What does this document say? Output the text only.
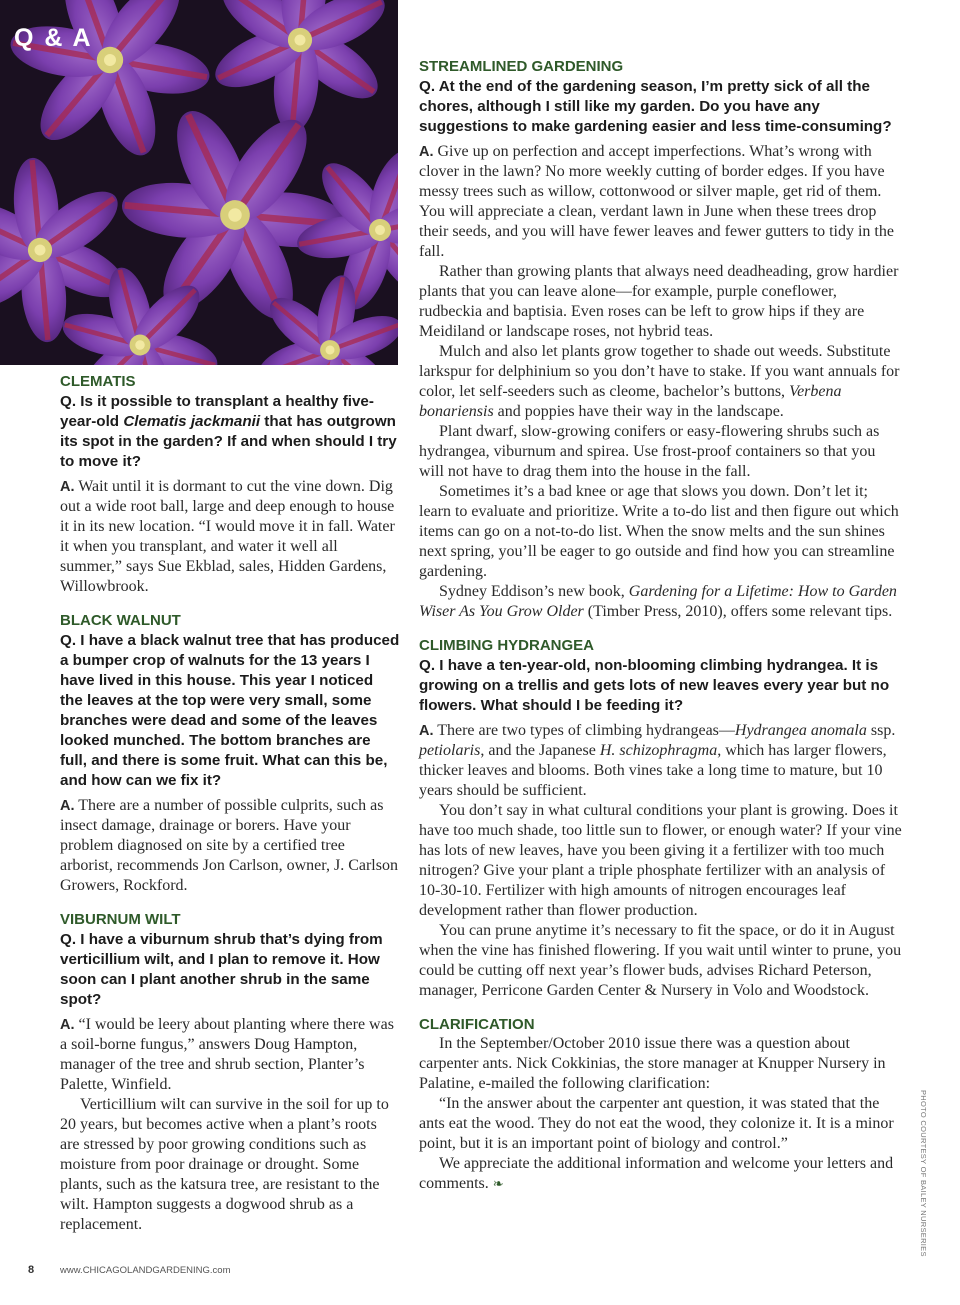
Q & A
CLEMATIS
Q. Is it possible to transplant a healthy five-year-old Clematis jackmanii that has outgrown its spot in the garden? If and when should I try to move it?

A. Wait until it is dormant to cut the vine down. Dig out a wide root ball, large and deep enough to house it in its new location. “I would move it in fall. Water it when you transplant, and water it well all summer,” says Sue Ekblad, sales, Hidden Gardens, Willowbrook.

BLACK WALNUT
Q. I have a black walnut tree that has produced a bumper crop of walnuts for the 13 years I have lived in this house. This year I noticed the leaves at the top were very small, some branches were dead and some of the leaves looked munched. The bottom branches are full, and there is some fruit. What can this be, and how can we fix it?

A. There are a number of possible culprits, such as insect damage, drainage or borers. Have your problem diagnosed on site by a certified tree arborist, recommends Jon Carlson, owner, J. Carlson Growers, Rockford.

VIBURNUM WILT
Q. I have a viburnum shrub that’s dying from verticillium wilt, and I plan to remove it. How soon can I plant another shrub in the same spot?

A. “I would be leery about planting where there was a soil-borne fungus,” answers Doug Hampton, manager of the tree and shrub section, Planter’s Palette, Winfield.

Verticillium wilt can survive in the soil for up to 20 years, but becomes active when a plant’s roots are stressed by poor growing conditions such as moisture from poor drainage or drought. Some plants, such as the katsura tree, are resistant to the wilt. Hampton suggests a dogwood shrub as a replacement.

STREAMLINED GARDENING
Q. At the end of the gardening season, I’m pretty sick of all the chores, although I still like my garden. Do you have any suggestions to make gardening easier and less time-consuming?

A. Give up on perfection and accept imperfections. What’s wrong with clover in the lawn? No more weekly cutting of border edges. If you have messy trees such as willow, cottonwood or silver maple, get rid of them. You will appreciate a clean, verdant lawn in June when these trees drop their seeds, and you will have fewer leaves and fewer gutters to tidy in the fall.

Rather than growing plants that always need deadheading, grow hardier plants that you can leave alone—for example, purple coneflower, rudbeckia and baptisia. Even roses can be left to grow hips if they are Meidiland or landscape roses, not hybrid teas.

Mulch and also let plants grow together to shade out weeds. Substitute larkspur for delphinium so you don’t have to stake. If you want annuals for color, let self-seeders such as cleome, bachelor’s buttons, Verbena bonariensis and poppies have their way in the landscape.

Plant dwarf, slow-growing conifers or easy-flowering shrubs such as hydrangea, viburnum and spirea. Use frost-proof containers so that you will not have to drag them into the house in the fall.

Sometimes it’s a bad knee or age that slows you down. Don’t let it; learn to evaluate and prioritize. Write a to-do list and then figure out which items can go on a not-to-do list. When the snow melts and the sun shines next spring, you’ll be eager to go outside and find how you can streamline gardening.

Sydney Eddison’s new book, Gardening for a Lifetime: How to Garden Wiser As You Grow Older (Timber Press, 2010), offers some relevant tips.

CLIMBING HYDRANGEA
Q. I have a ten-year-old, non-blooming climbing hydrangea. It is growing on a trellis and gets lots of new leaves every year but no flowers. What should I be feeding it?

A. There are two types of climbing hydrangeas—Hydrangea anomala ssp. petiolaris, and the Japanese H. schizophragma, which has larger flowers, thicker leaves and blooms. Both vines take a long time to mature, but 10 years should be sufficient.

You don’t say in what cultural conditions your plant is growing. Does it have too much shade, too little sun to flower, or enough water? If your vine has lots of new leaves, have you been giving it a fertilizer with too much nitrogen? Give your plant a triple phosphate fertilizer with an analysis of 10-30-10. Fertilizer with high amounts of nitrogen encourages leaf development rather than flower production.

You can prune anytime it’s necessary to fit the space, or do it in August when the vine has finished flowering. If you wait until winter to prune, you could be cutting off next year’s flower buds, advises Richard Peterson, manager, Perricone Garden Center & Nursery in Volo and Woodstock.

CLARIFICATION

In the September/October 2010 issue there was a question about carpenter ants. Nick Cokkinias, the store manager at Knupper Nursery in Palatine, e-mailed the following clarification:

“In the answer about the carpenter ant question, it was stated that the ants eat the wood. They do not eat the wood, they colonize it. It is a minor point, but it is an important point of biology and control.”

We appreciate the additional information and welcome your letters and comments. ❧	PHOTO COURTESY OF BAILEY NURSERIES
8	www.CHICAGOLANDGARDENING.com
